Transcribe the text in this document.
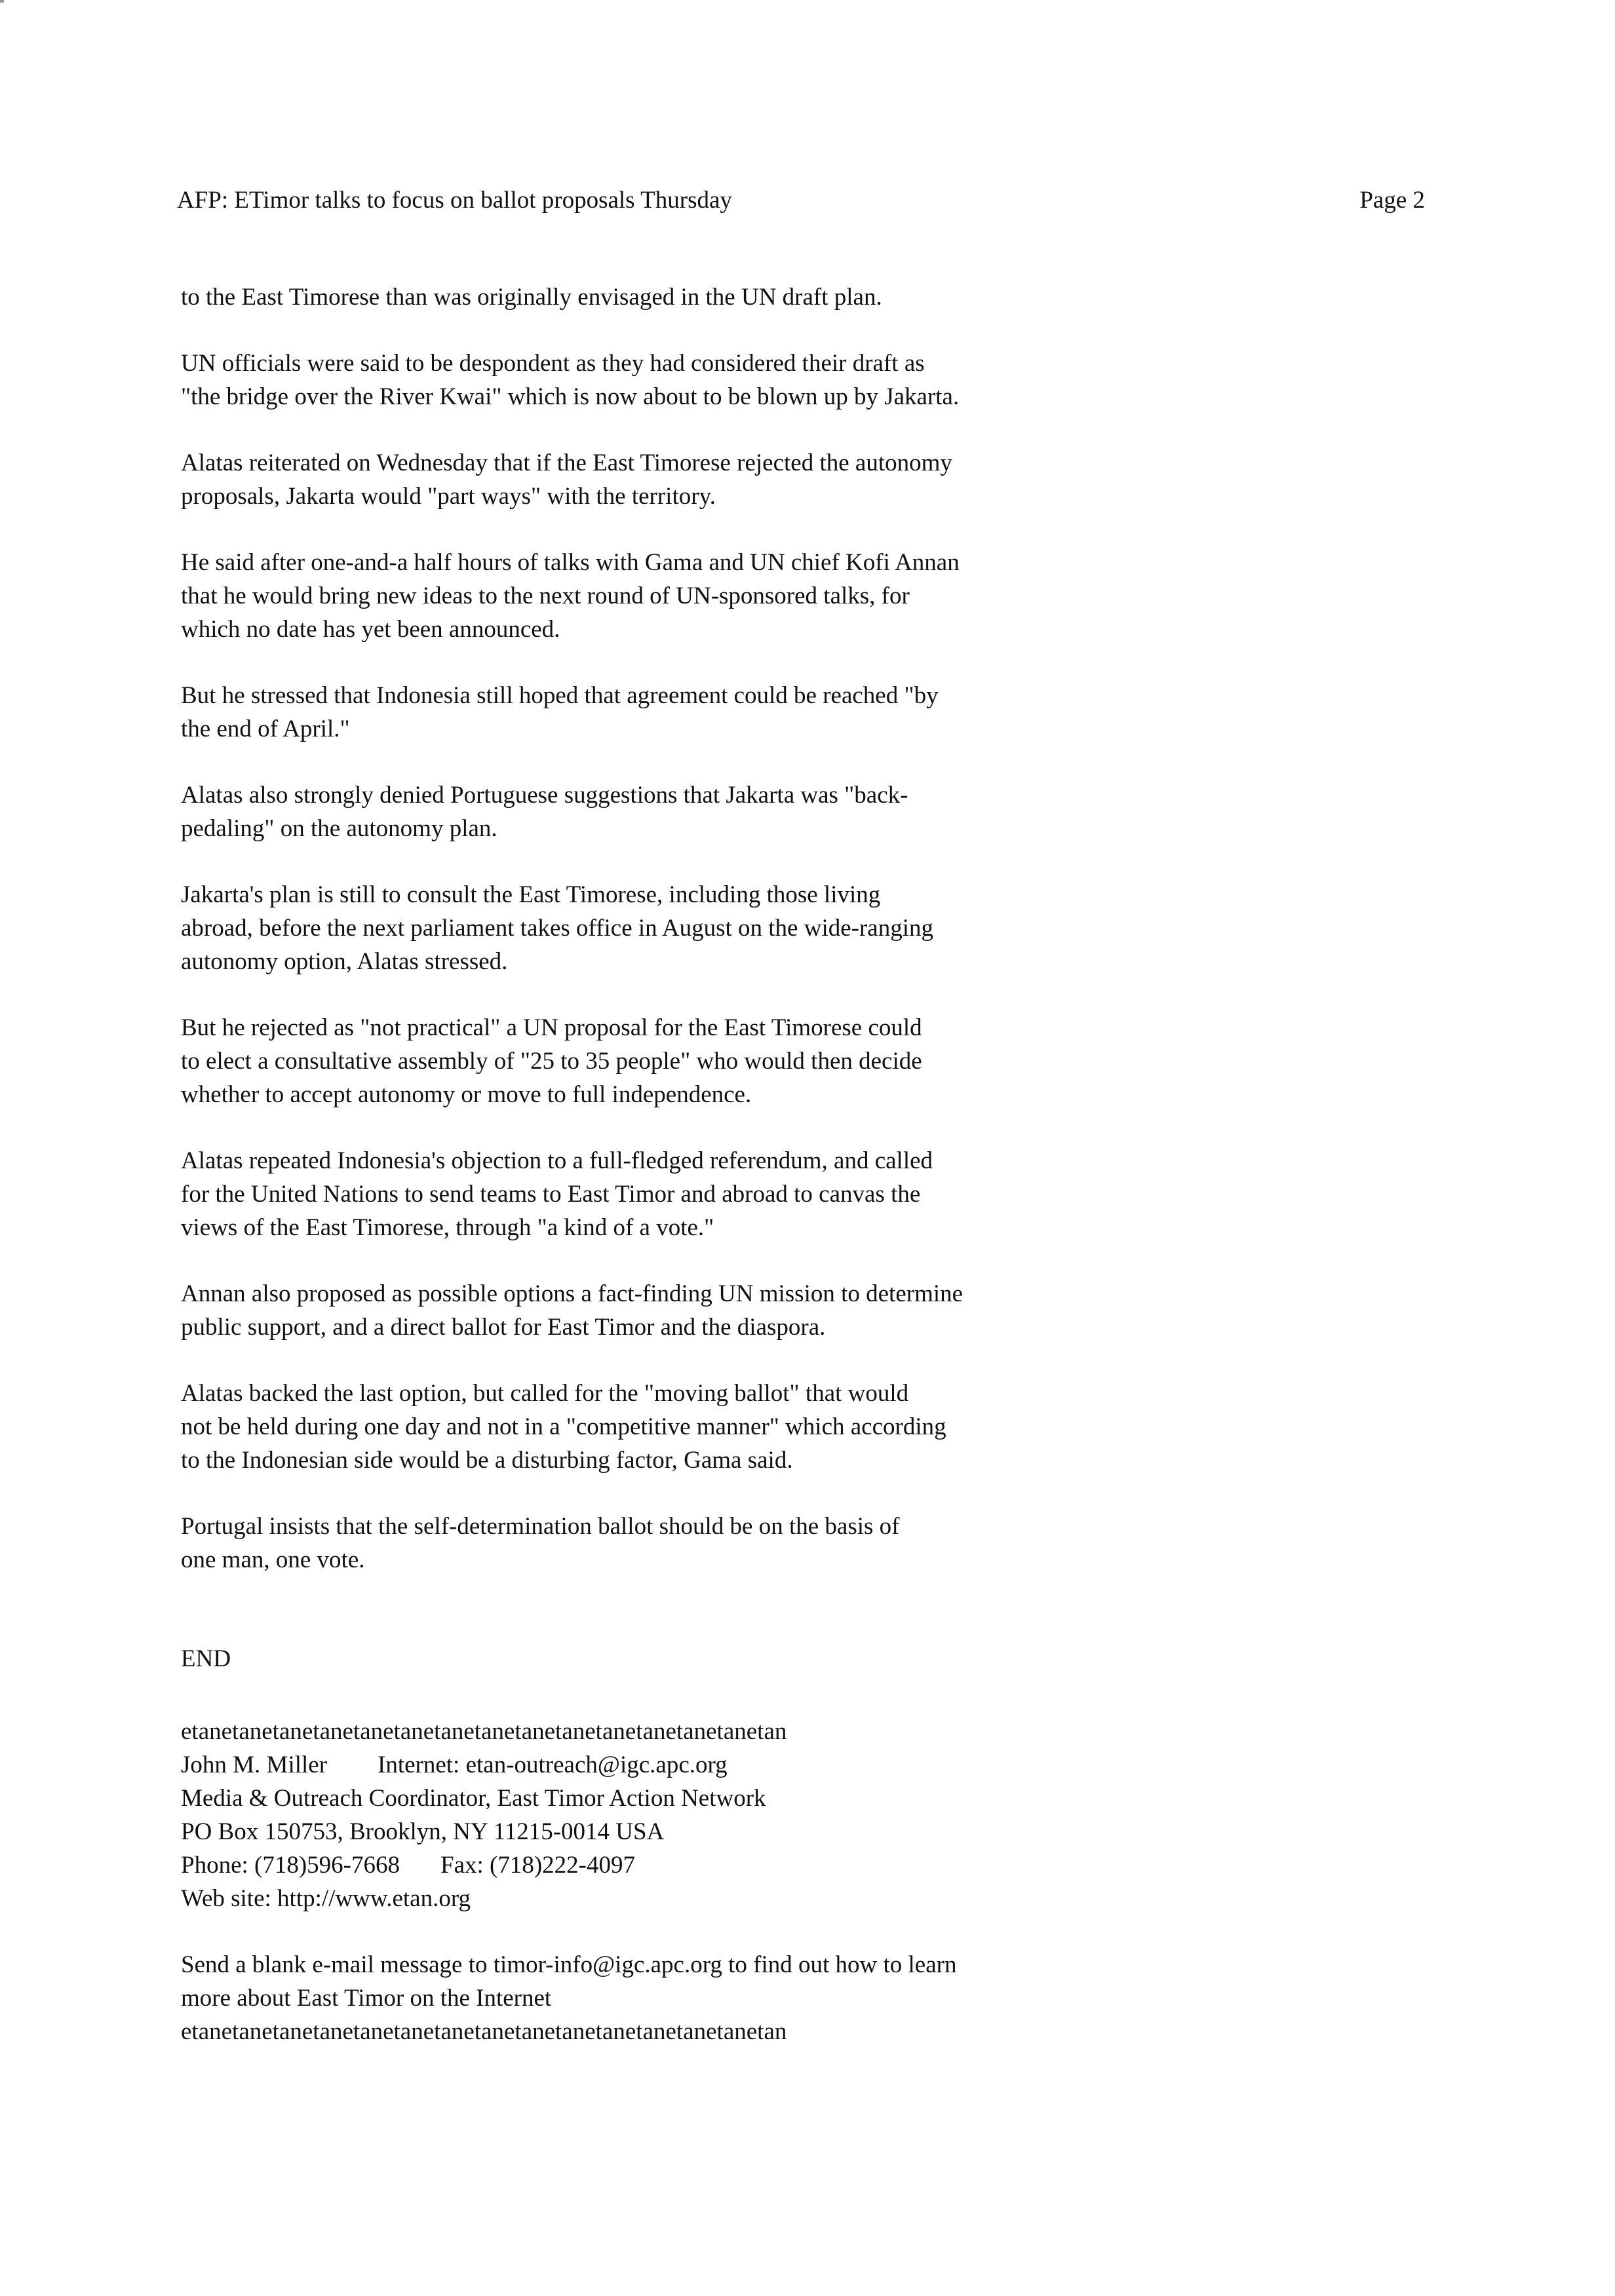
AFP: ETimor talks to focus on ballot proposals Thursday	Page 2

to the East Timorese than was originally envisaged in the UN draft plan.

UN officials were said to be despondent as they had considered their draft as
"the bridge over the River Kwai" which is now about to be blown up by Jakarta.

Alatas reiterated on Wednesday that if the East Timorese rejected the autonomy
proposals, Jakarta would "part ways" with the territory.

He said after one-and-a half hours of talks with Gama and UN chief Kofi Annan
that he would bring new ideas to the next round of UN-sponsored talks, for
which no date has yet been announced.

But he stressed that Indonesia still hoped that agreement could be reached "by
the end of April."

Alatas also strongly denied Portuguese suggestions that Jakarta was "back-
pedaling" on the autonomy plan.

Jakarta's plan is still to consult the East Timorese, including those living
abroad, before the next parliament takes office in August on the wide-ranging
autonomy option, Alatas stressed.

But he rejected as "not practical" a UN proposal for the East Timorese could
to elect a consultative assembly of "25 to 35 people" who would then decide
whether to accept autonomy or move to full independence.

Alatas repeated Indonesia's objection to a full-fledged referendum, and called
for the United Nations to send teams to East Timor and abroad to canvas the
views of the East Timorese, through "a kind of a vote."

Annan also proposed as possible options a fact-finding UN mission to determine
public support, and a direct ballot for East Timor and the diaspora.

Alatas backed the last option, but called for the "moving ballot" that would
not be held during one day and not in a "competitive manner" which according
to the Indonesian side would be a disturbing factor, Gama said.

Portugal insists that the self-determination ballot should be on the basis of
one man, one vote.

END
etanetanetanetanetanetanetanetanetanetanetanetanetanetanetan
John M. Miller Internet: etan-outreach@igc.apc.org
Media & Outreach Coordinator, East Timor Action Network
PO Box 150753, Brooklyn, NY 11215-0014 USA
Phone: (718)596-7668 Fax: (718)222-4097
Web site: http://www.etan.org
Send a blank e-mail message to timor-info@igc.apc.org to find out how to learn
more about East Timor on the Internet
etanetanetanetanetanetanetanetanetanetanetanetanetanetanetan
